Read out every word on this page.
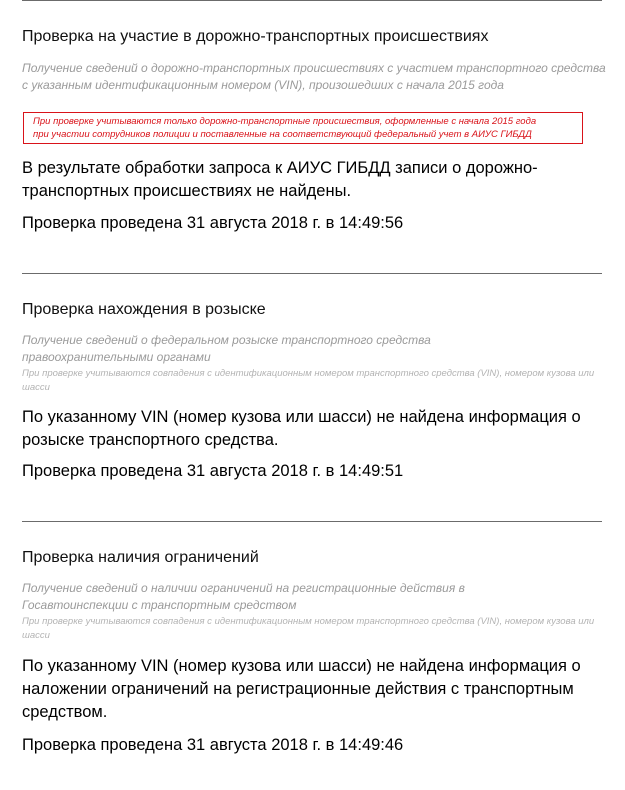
Проверка на участие в дорожно-транспортных происшествиях
Получение сведений о дорожно-транспортных происшествиях с участием транспортного средства с указанным идентификационным номером (VIN), произошедших с начала 2015 года
При проверке учитываются только дорожно-транспортные происшествия, оформленные с начала 2015 года
при участии сотрудников полиции и поставленные на соответствующий федеральный учет в АИУС ГИБДД
В результате обработки запроса к АИУС ГИБДД записи о дорожно-транспортных происшествиях не найдены.
Проверка проведена 31 августа 2018 г. в 14:49:56
Проверка нахождения в розыске
Получение сведений о федеральном розыске транспортного средства правоохранительными органами
При проверке учитываются совпадения с идентификационным номером транспортного средства (VIN), номером кузова или шасси
По указанному VIN (номер кузова или шасси) не найдена информация о розыске транспортного средства.
Проверка проведена 31 августа 2018 г. в 14:49:51
Проверка наличия ограничений
Получение сведений о наличии ограничений на регистрационные действия в Госавтоинспекции с транспортным средством
При проверке учитываются совпадения с идентификационным номером транспортного средства (VIN), номером кузова или шасси
По указанному VIN (номер кузова или шасси) не найдена информация о наложении ограничений на регистрационные действия с транспортным средством.
Проверка проведена 31 августа 2018 г. в 14:49:46
